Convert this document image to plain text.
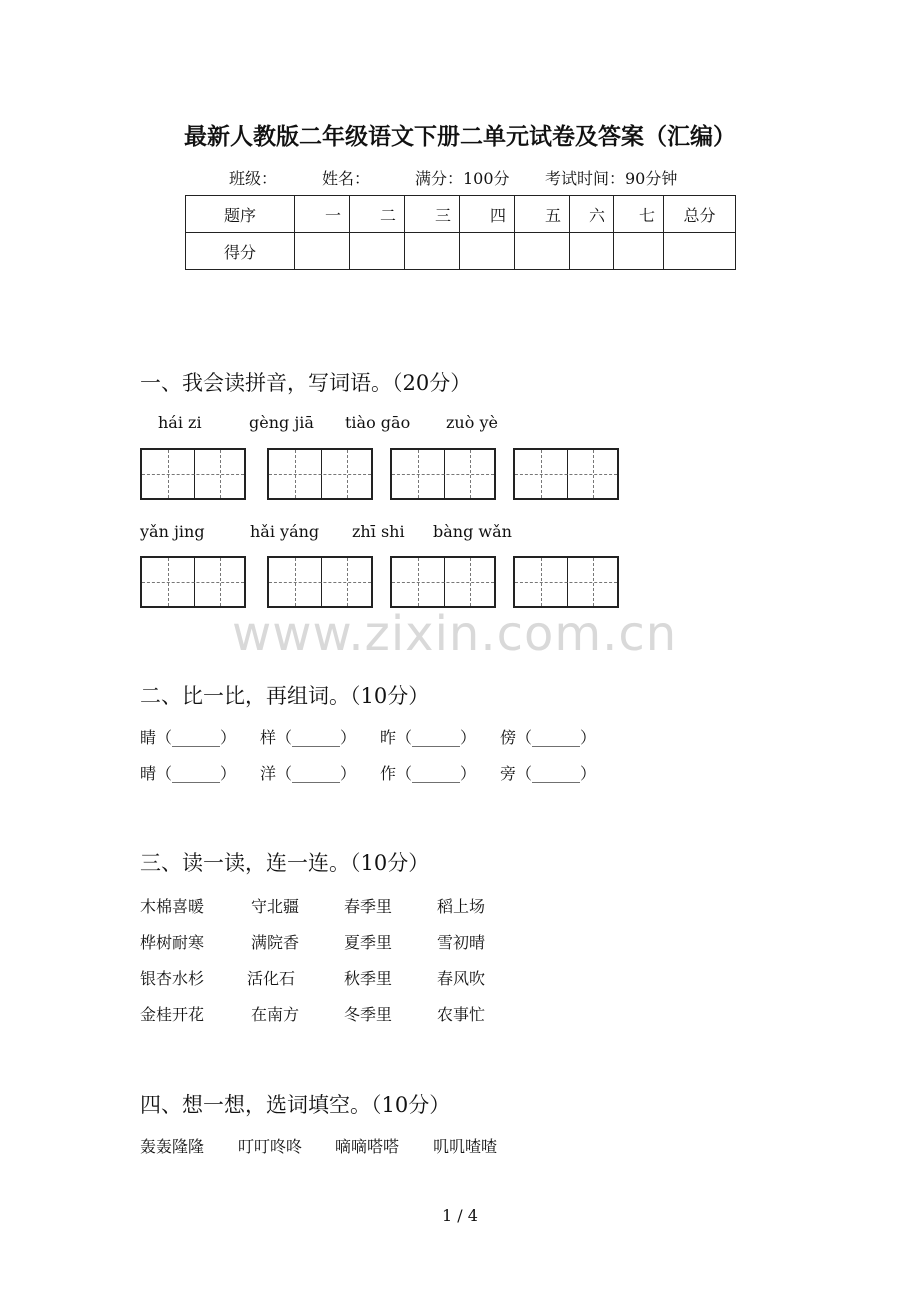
最新人教版二年级语文下册二单元试卷及答案（汇编）
班级：	姓名：	满分：100分 考试时间：90分钟
题序	一	二	三	四	五	六	七	总分
得分								
一、我会读拼音，写词语。（20分）
hái zi	gèng jiā tiào gāo zuò yè
yǎn jing	hǎi yáng zhī shi bàng wǎn
www.zixin.com.cn
二、比一比，再组词。（10分）
睛（______） 样（______） 昨（______） 傍（______）
晴（______） 洋（______） 作（______） 旁（______）
三、读一读，连一连。（10分）
木棉喜暖	守北疆	春季里	稻上场
桦树耐寒	满院香	夏季里	雪初晴
银杏水杉	活化石	秋季里	春风吹
金桂开花	在南方	冬季里	农事忙
四、想一想，选词填空。（10分）
轰轰隆隆 叮叮咚咚 嘀嘀嗒嗒 叽叽喳喳
1 / 4
